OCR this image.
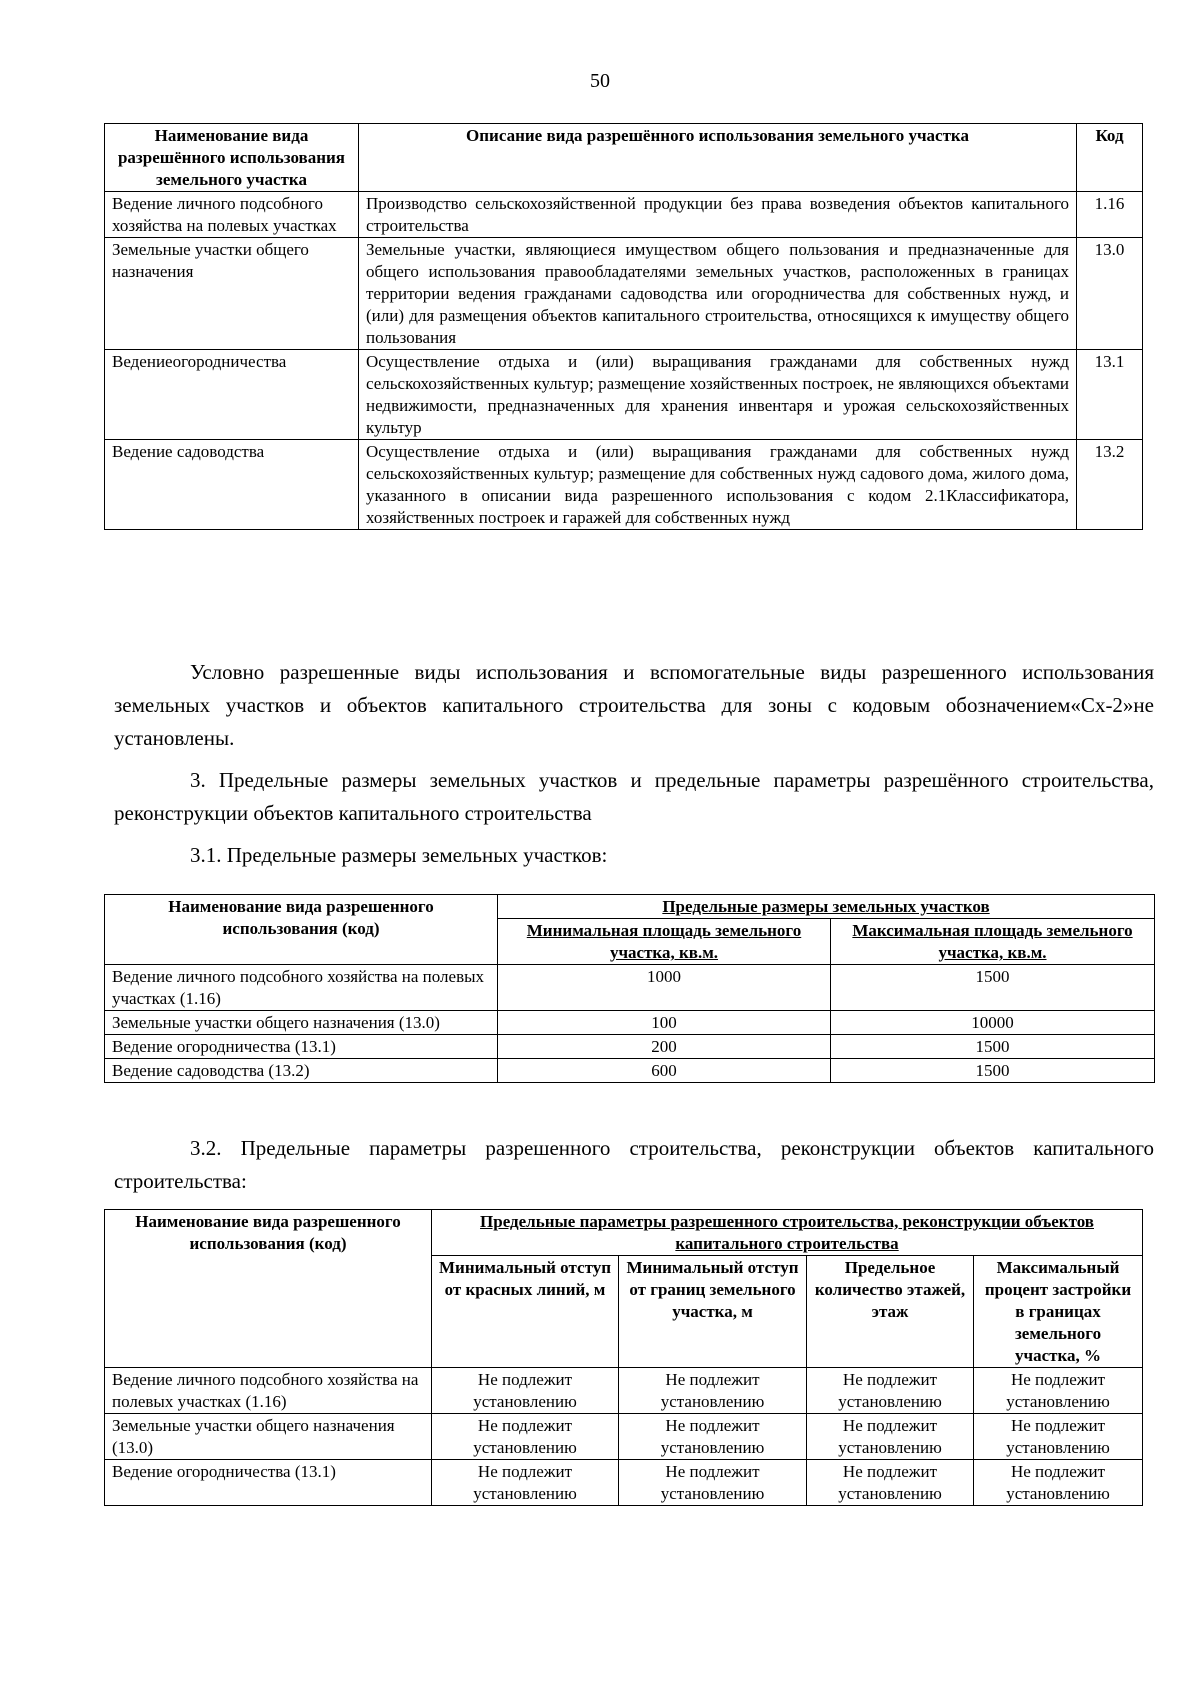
50
Наименование вида разрешённого использования земельного участка	Описание вида разрешённого использования земельного участка	Код
Ведение личного подсобного хозяйства на полевых участках	Производство сельскохозяйственной продукции без права возведения объектов капитального строительства	1.16
Земельные участки общего назначения	Земельные участки, являющиеся имуществом общего пользования и предназначенные для общего использования правообладателями земельных участков, расположенных в границах территории ведения гражданами садоводства или огородничества для собственных нужд, и (или) для размещения объектов капитального строительства, относящихся к имуществу общего пользования	13.0
Ведениеогородничества	Осуществление отдыха и (или) выращивания гражданами для собственных нужд сельскохозяйственных культур; размещение хозяйственных построек, не являющихся объектами недвижимости, предназначенных для хранения инвентаря и урожая сельскохозяйственных культур	13.1
Ведение садоводства	Осуществление отдыха и (или) выращивания гражданами для собственных нужд сельскохозяйственных культур; размещение для собственных нужд садового дома, жилого дома, указанного в описании вида разрешенного использования с кодом 2.1Классификатора, хозяйственных построек и гаражей для собственных нужд	13.2

Условно разрешенные виды использования и вспомогательные виды разрешенного использования земельных участков и объектов капитального строительства для зоны с кодовым обозначением«Сх-2»не установлены.

3. Предельные размеры земельных участков и предельные параметры разрешённого строительства, реконструкции объектов капитального строительства

3.1. Предельные размеры земельных участков:

Наименование вида разрешенного использования (код)	Предельные размеры земельных участков	
	Минимальная площадь земельного участка, кв.м.	Максимальная площадь земельного участка, кв.м.
Ведение личного подсобного хозяйства на полевых участках (1.16)	1000	1500
Земельные участки общего назначения (13.0)	100	10000
Ведение огородничества (13.1)	200	1500
Ведение садоводства (13.2)	600	1500

3.2. Предельные параметры разрешенного строительства, реконструкции объектов капитального строительства:

Наименование вида разрешенного использования (код)	Предельные параметры разрешенного строительства, реконструкции объектов капитального строительства			
	Минимальный отступ от красных линий, м	Минимальный отступ от границ земельного участка, м	Предельное количество этажей, этаж	Максимальный процент застройки в границах земельного участка, %
Ведение личного подсобного хозяйства на полевых участках (1.16)	Не подлежит установлению	Не подлежит установлению	Не подлежит установлению	Не подлежит установлению
Земельные участки общего назначения (13.0)	Не подлежит установлению	Не подлежит установлению	Не подлежит установлению	Не подлежит установлению
Ведение огородничества (13.1)	Не подлежит установлению	Не подлежит установлению	Не подлежит установлению	Не подлежит установлению
